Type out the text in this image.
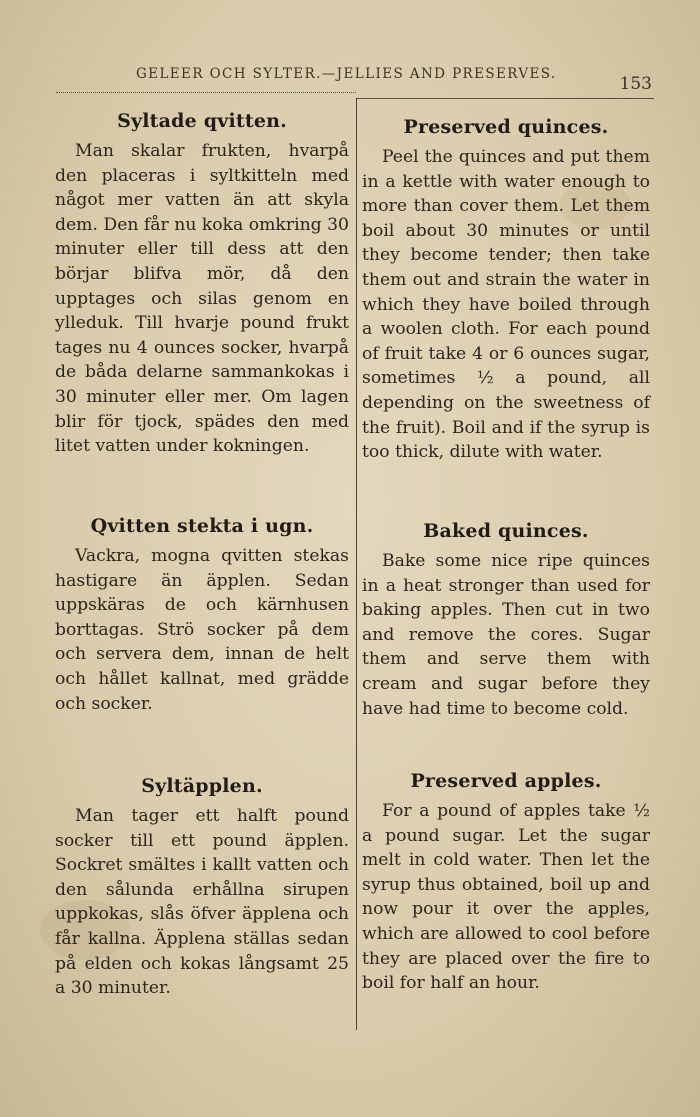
GELEER OCH SYLTER.—JELLIES AND PRESERVES.	153
Syltade qvitten.

Man skalar frukten, hvarpå den placeras i syltkitteln med något mer vatten än att skyla dem. Den får nu koka omkring 30 minuter eller till dess att den börjar blifva mör, då den upptages och silas genom en ylleduk. Till hvarje pound frukt tages nu 4 ounces socker, hvarpå de båda delarne sammankokas i 30 minuter eller mer. Om lagen blir för tjock, spädes den med litet vatten under kokningen.

Qvitten stekta i ugn.

Vackra, mogna qvitten stekas hastigare än äpplen. Sedan uppskäras de och kärnhusen borttagas. Strö socker på dem och servera dem, innan de helt och hållet kallnat, med grädde och socker.

Syltäpplen.

Man tager ett halft pound socker till ett pound äpplen. Sockret smältes i kallt vatten och den sålunda erhållna sirupen uppkokas, slås öfver äpplena och får kallna. Äpplena ställas sedan på elden och kokas långsamt 25 a 30 minuter.

Preserved quinces.

Peel the quinces and put them in a kettle with water enough to more than cover them. Let them boil about 30 minutes or until they become tender; then take them out and strain the water in which they have boiled through a woolen cloth. For each pound of fruit take 4 or 6 ounces sugar, sometimes ½ a pound, all depending on the sweetness of the fruit). Boil and if the syrup is too thick, dilute with water.

Baked quinces.

Bake some nice ripe quinces in a heat stronger than used for baking apples. Then cut in two and remove the cores. Sugar them and serve them with cream and sugar before they have had time to become cold.

Preserved apples.

For a pound of apples take ½ a pound sugar. Let the sugar melt in cold water. Then let the syrup thus obtained, boil up and now pour it over the apples, which are allowed to cool before they are placed over the fire to boil for half an hour.
